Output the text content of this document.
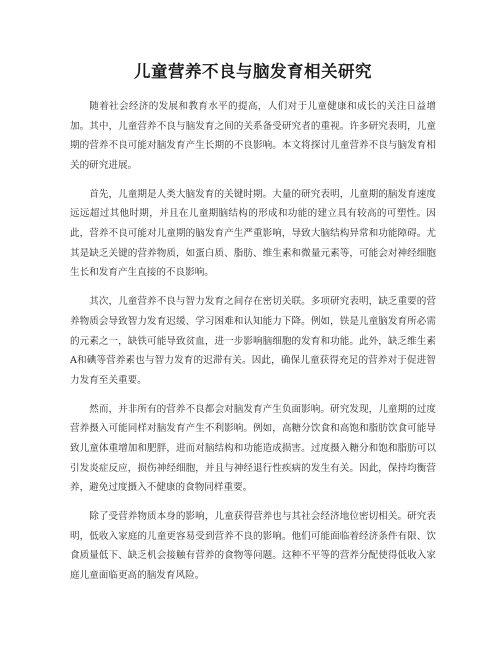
儿童营养不良与脑发育相关研究

随着社会经济的发展和教育水平的提高，人们对于儿童健康和成长的关注日益增加。其中，儿童营养不良与脑发育之间的关系备受研究者的重视。许多研究表明，儿童期的营养不良可能对脑发育产生长期的不良影响。本文将探讨儿童营养不良与脑发育相关的研究进展。

首先，儿童期是人类大脑发育的关键时期。大量的研究表明，儿童期的脑发育速度远远超过其他时期，并且在儿童期脑结构的形成和功能的建立具有较高的可塑性。因此，营养不良可能对儿童期的脑发育产生严重影响，导致大脑结构异常和功能障碍。尤其是缺乏关键的营养物质，如蛋白质、脂肪、维生素和微量元素等，可能会对神经细胞生长和发育产生直接的不良影响。

其次，儿童营养不良与智力发育之间存在密切关联。多项研究表明，缺乏重要的营养物质会导致智力发育迟缓、学习困难和认知能力下降。例如，铁是儿童脑发育所必需的元素之一，缺铁可能导致贫血，进一步影响脑细胞的发育和功能。此外，缺乏维生素A和碘等营养素也与智力发育的迟滞有关。因此，确保儿童获得充足的营养对于促进智力发育至关重要。

然而，并非所有的营养不良都会对脑发育产生负面影响。研究发现，儿童期的过度营养摄入可能同样对脑发育产生不利影响。例如，高糖分饮食和高饱和脂肪饮食可能导致儿童体重增加和肥胖，进而对脑结构和功能造成损害。过度摄入糖分和饱和脂肪可以引发炎症反应，损伤神经细胞，并且与神经退行性疾病的发生有关。因此，保持均衡营养，避免过度摄入不健康的食物同样重要。

除了受营养物质本身的影响，儿童获得营养也与其社会经济地位密切相关。研究表明，低收入家庭的儿童更容易受到营养不良的影响。他们可能面临着经济条件有限、饮食质量低下、缺乏机会接触有营养的食物等问题。这种不平等的营养分配使得低收入家庭儿童面临更高的脑发育风险。
